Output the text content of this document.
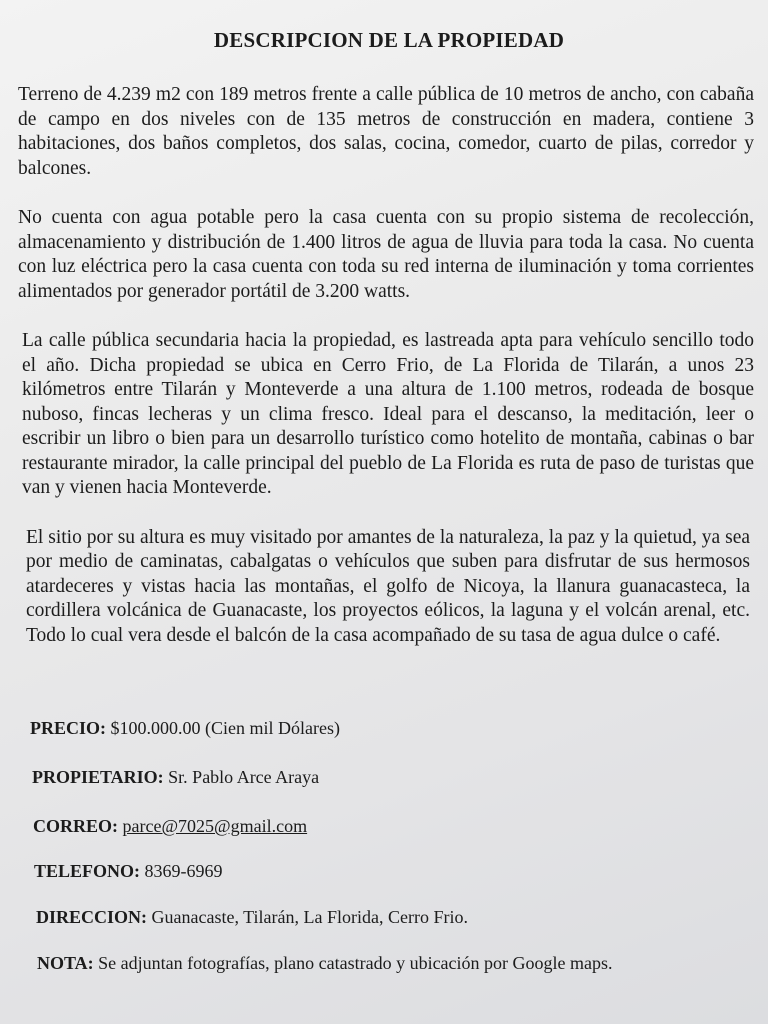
DESCRIPCION DE LA PROPIEDAD

Terreno de 4.239 m2 con 189 metros frente a calle pública de 10 metros de ancho, con cabaña de campo en dos niveles con de 135 metros de construcción en madera, contiene 3 habitaciones, dos baños completos, dos salas, cocina, comedor, cuarto de pilas, corredor y balcones.

No cuenta con agua potable pero la casa cuenta con su propio sistema de recolección, almacenamiento y distribución de 1.400 litros de agua de lluvia para toda la casa. No cuenta con luz eléctrica pero la casa cuenta con toda su red interna de iluminación y toma corrientes alimentados por generador portátil de 3.200 watts.

La calle pública secundaria hacia la propiedad, es lastreada apta para vehículo sencillo todo el año. Dicha propiedad se ubica en Cerro Frio, de La Florida de Tilarán, a unos 23 kilómetros entre Tilarán y Monteverde a una altura de 1.100 metros, rodeada de bosque nuboso, fincas lecheras y un clima fresco. Ideal para el descanso, la meditación, leer o escribir un libro o bien para un desarrollo turístico como hotelito de montaña, cabinas o bar restaurante mirador, la calle principal del pueblo de La Florida es ruta de paso de turistas que van y vienen hacia Monteverde.

El sitio por su altura es muy visitado por amantes de la naturaleza, la paz y la quietud, ya sea por medio de caminatas, cabalgatas o vehículos que suben para disfrutar de sus hermosos atardeceres y vistas hacia las montañas, el golfo de Nicoya, la llanura guanacasteca, la cordillera volcánica de Guanacaste, los proyectos eólicos, la laguna y el volcán arenal, etc. Todo lo cual vera desde el balcón de la casa acompañado de su tasa de agua dulce o café.

PRECIO: $100.000.00 (Cien mil Dólares)
PROPIETARIO: Sr. Pablo Arce Araya
CORREO: parce@7025@gmail.com
TELEFONO: 8369-6969
DIRECCION: Guanacaste, Tilarán, La Florida, Cerro Frio.
NOTA: Se adjuntan fotografías, plano catastrado y ubicación por Google maps.
